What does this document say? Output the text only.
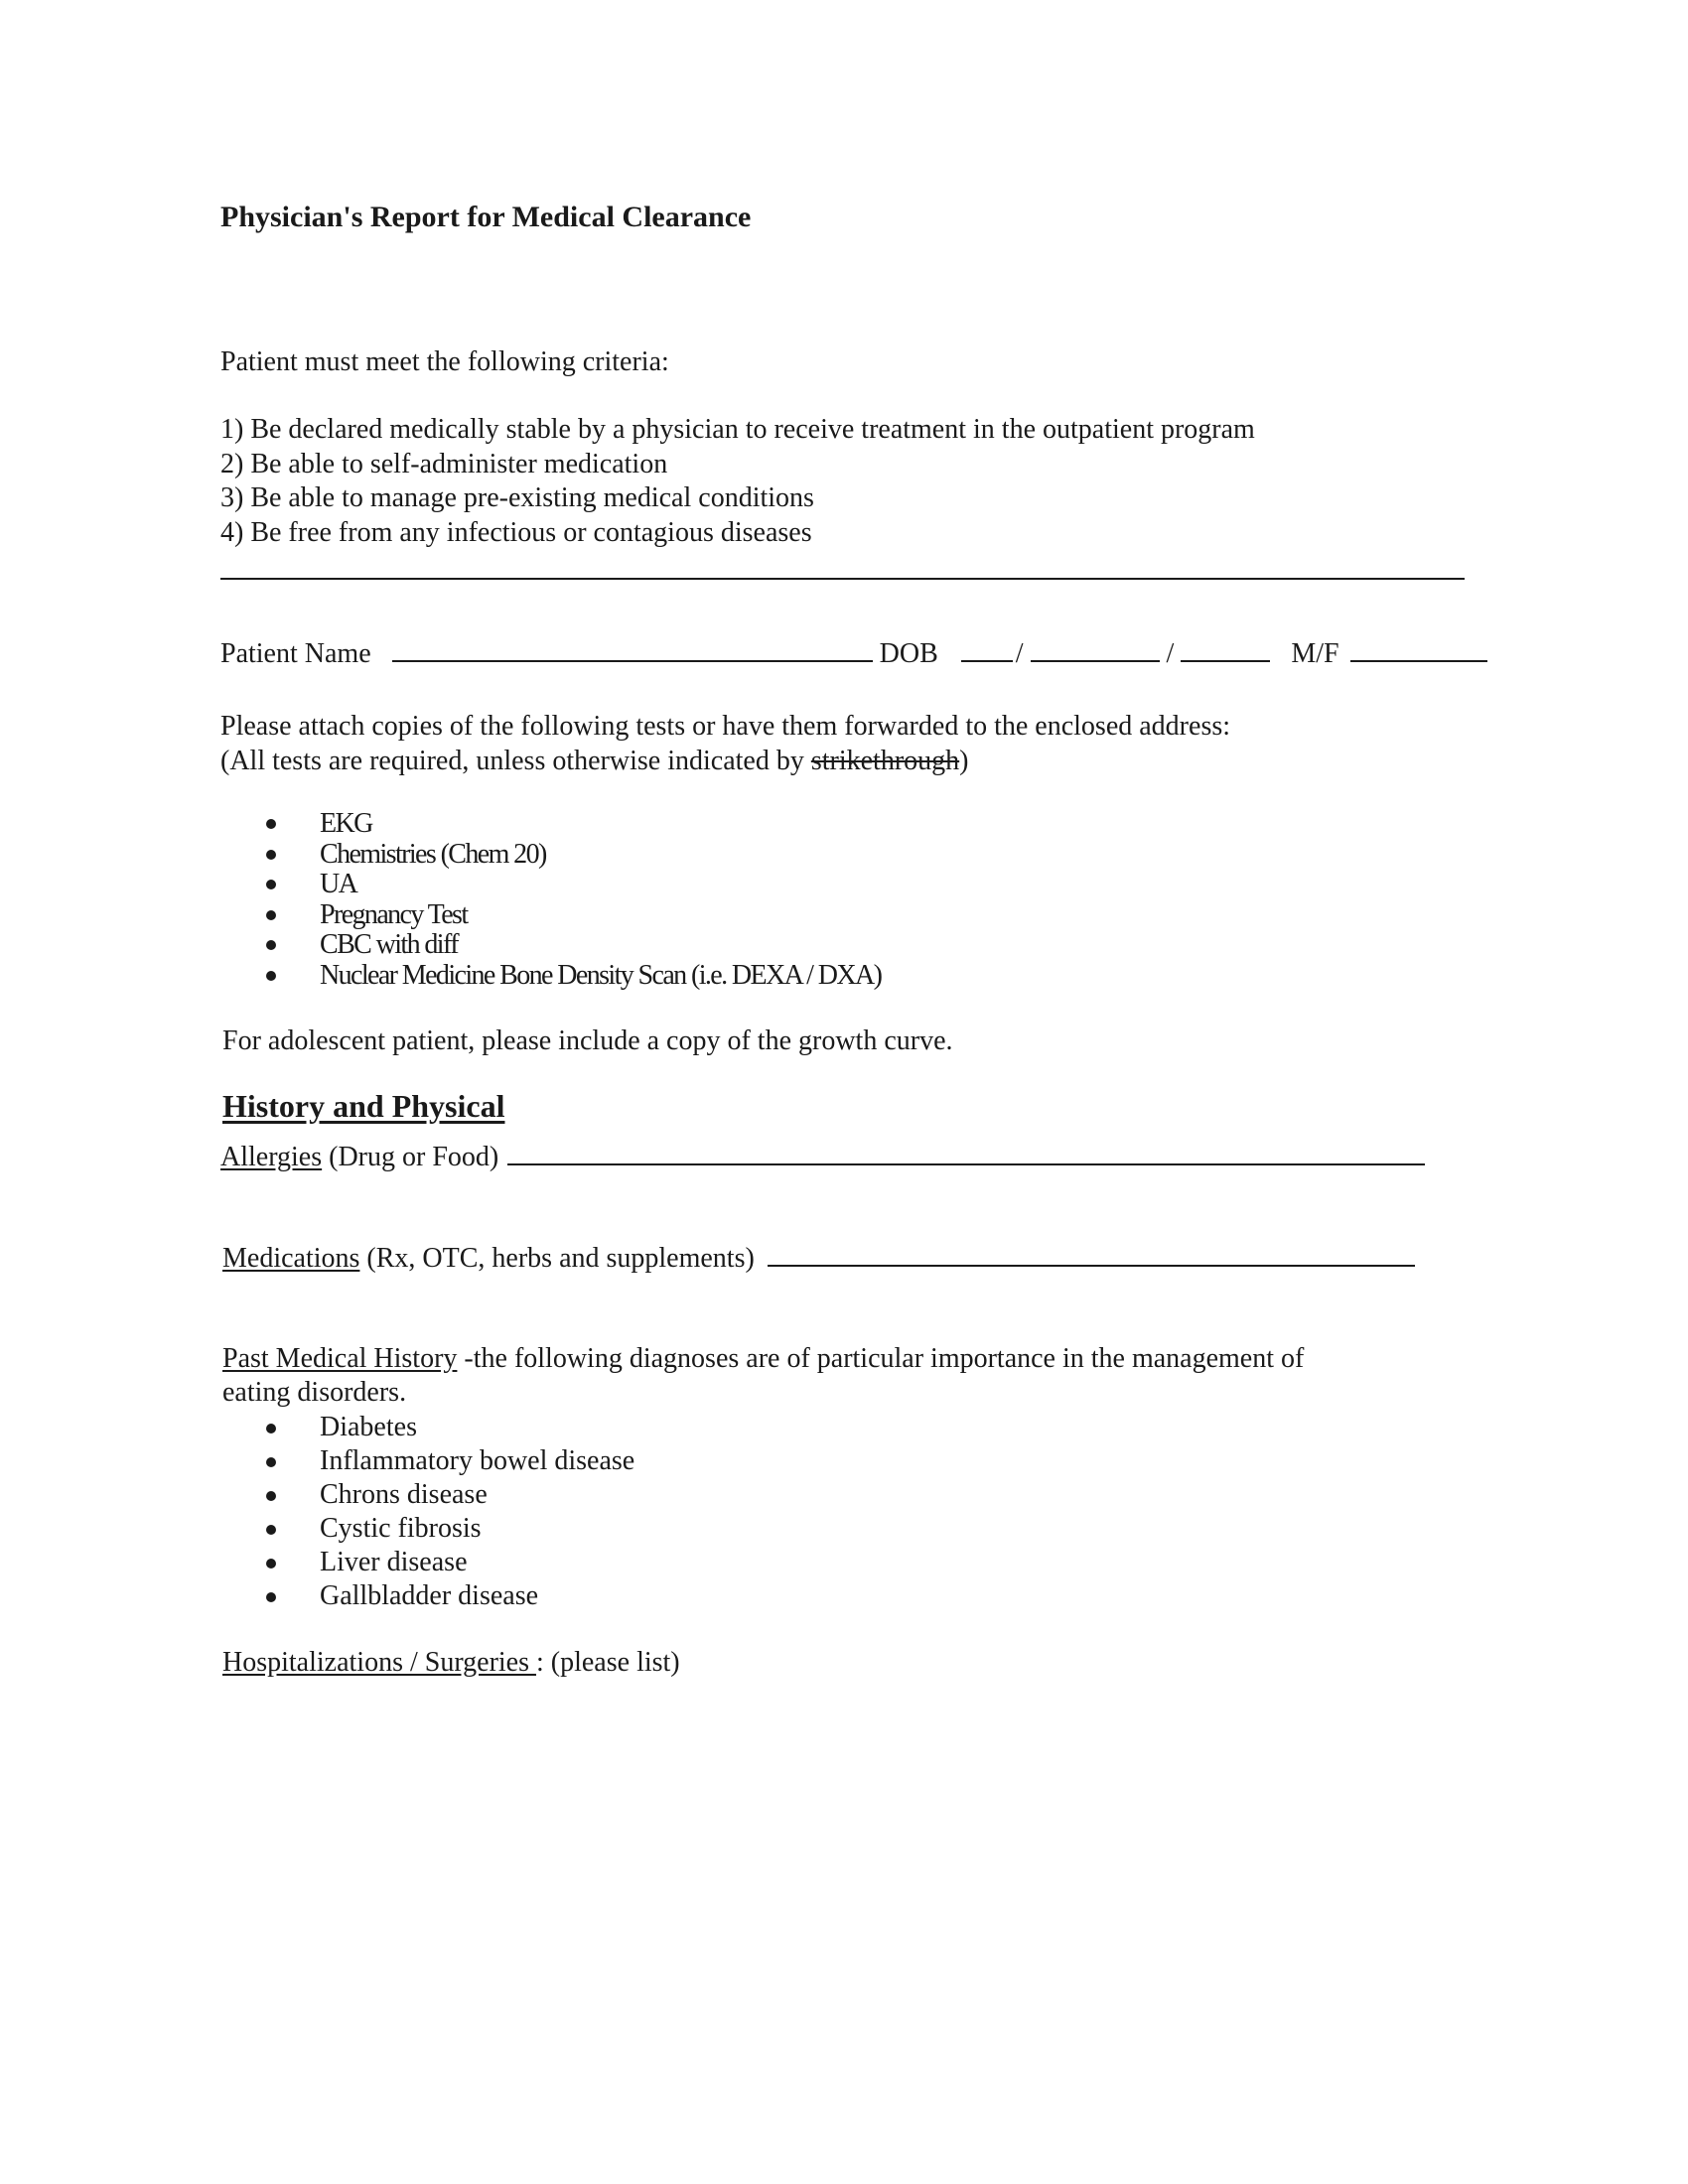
Physician's Report for Medical Clearance
Patient must meet the following criteria:
1) Be declared medically stable by a physician to receive treatment in the outpatient program
2) Be able to self-administer medication
3) Be able to manage pre-existing medical conditions
4) Be free from any infectious or contagious diseases
Patient Name	DOB	/	/	M/F
Please attach copies of the following tests or have them forwarded to the enclosed address:
(All tests are required, unless otherwise indicated by strikethrough)
EKG
Chemistries (Chem 20)
UA
Pregnancy Test
CBC with diff
Nuclear Medicine Bone Density Scan (i.e. DEXA / DXA)
For adolescent patient, please include a copy of the growth curve.
History and Physical
Allergies (Drug or Food)
Medications (Rx, OTC, herbs and supplements)
Past Medical History -the following diagnoses are of particular importance in the management of
eating disorders.
Diabetes
Inflammatory bowel disease
Chrons disease
Cystic fibrosis
Liver disease
Gallbladder disease
Hospitalizations / Surgeries : (please list)
